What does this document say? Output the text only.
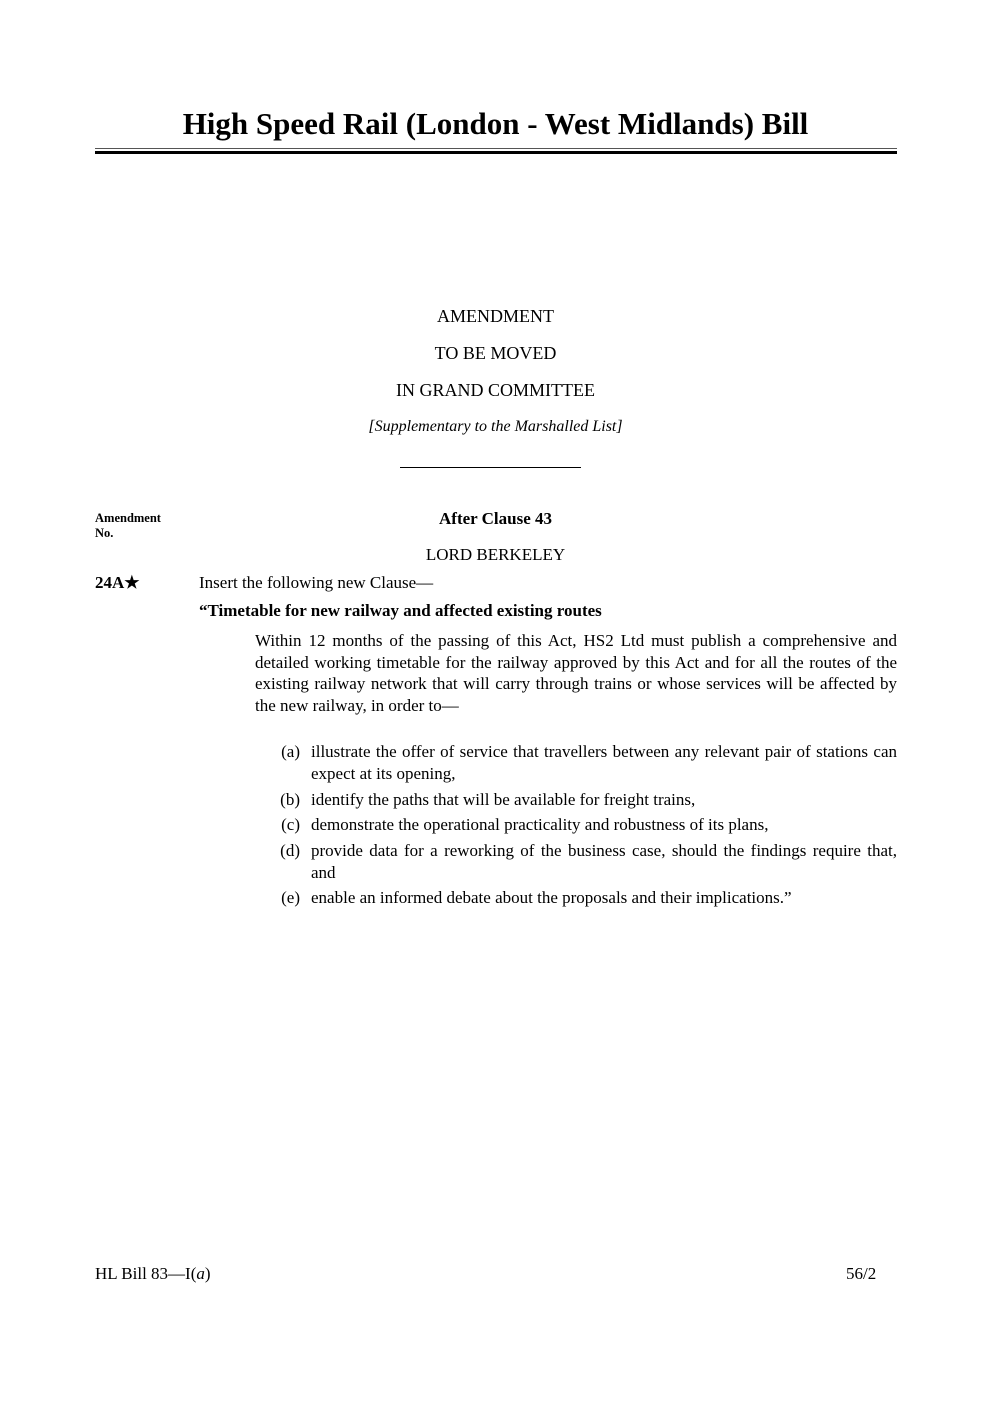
High Speed Rail (London - West Midlands) Bill
AMENDMENT
TO BE MOVED
IN GRAND COMMITTEE
[Supplementary to the Marshalled List]
Amendment
No.
After Clause 43
LORD BERKELEY
24A★	Insert the following new Clause—
“Timetable for new railway and affected existing routes
Within 12 months of the passing of this Act, HS2 Ltd must publish a comprehensive and detailed working timetable for the railway approved by this Act and for all the routes of the existing railway network that will carry through trains or whose services will be affected by the new railway, in order to—
(a) illustrate the offer of service that travellers between any relevant pair of stations can expect at its opening,
(b) identify the paths that will be available for freight trains,
(c) demonstrate the operational practicality and robustness of its plans,
(d) provide data for a reworking of the business case, should the findings require that, and
(e) enable an informed debate about the proposals and their implications.”
HL Bill 83—I(a)	56/2
